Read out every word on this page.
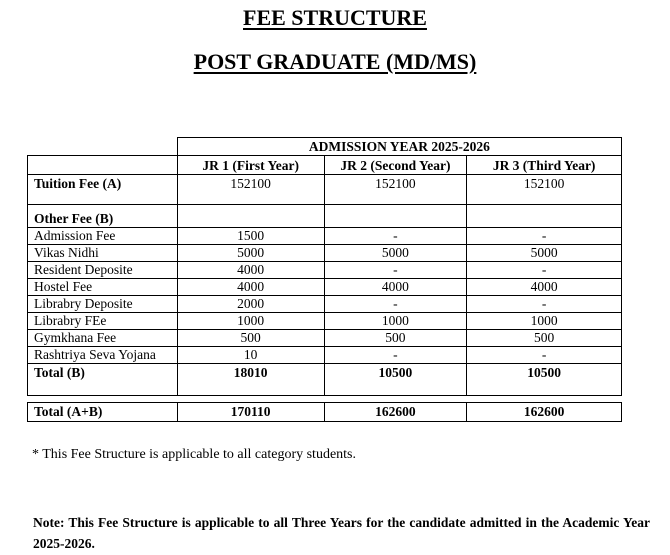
FEE STRUCTURE
POST GRADUATE (MD/MS)
	ADMISSION YEAR 2025-2026		
	JR 1 (First Year)	JR 2 (Second Year)	JR 3 (Third Year)
Tuition Fee (A)	152100	152100	152100

Other Fee (B)			
Admission Fee	1500	-	-
Vikas Nidhi	5000	5000	5000
Resident Deposite	4000	-	-
Hostel Fee	4000	4000	4000
Librabry Deposite	2000	-	-
Librabry FEe	1000	1000	1000
Gymkhana Fee	500	500	500
Rashtriya Seva Yojana	10	-	-
Total (B)	18010	10500	10500

Total (A+B)	170110	162600	162600

* This Fee Structure is applicable to all category students.

Note: This Fee Structure is applicable to all Three Years for the candidate admitted in the Academic Year 2025-2026.
